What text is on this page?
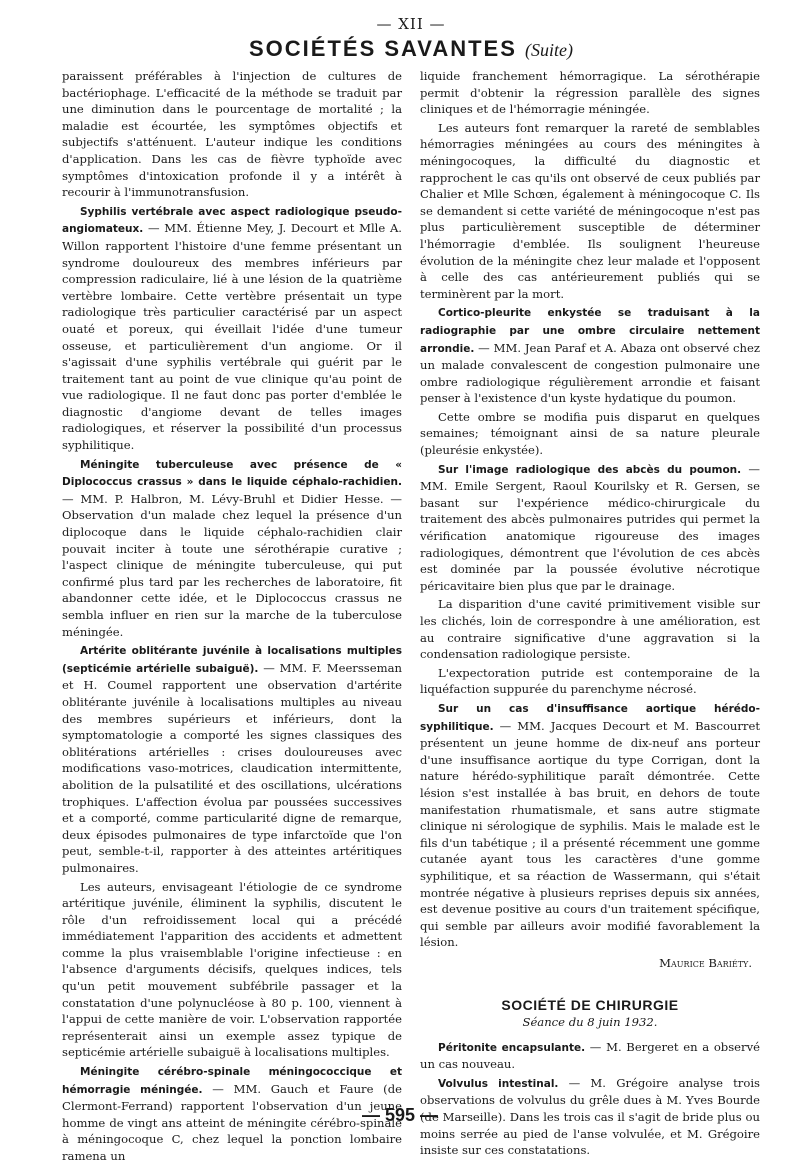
— XII —
SOCIÉTÉS SAVANTES (Suite)

paraissent préférables à l'injection de cultures de bactériophage. L'efficacité de la méthode se traduit par une diminution dans le pourcentage de mortalité ; la maladie est écourtée, les symptômes objectifs et subjectifs s'atténuent. L'auteur indique les conditions d'application. Dans les cas de fièvre typhoïde avec symptômes d'intoxication profonde il y a intérêt à recourir à l'immunotransfusion.

Syphilis vertébrale avec aspect radiologique pseudo-angiomateux. — MM. Étienne Mey, J. Decourt et Mlle A. Willon rapportent l'histoire d'une femme présentant un syndrome douloureux des membres inférieurs par compression radiculaire, lié à une lésion de la quatrième vertèbre lombaire. Cette vertèbre présentait un type radiologique très particulier caractérisé par un aspect ouaté et poreux, qui éveillait l'idée d'une tumeur osseuse, et particulièrement d'un angiome. Or il s'agissait d'une syphilis vertébrale qui guérit par le traitement tant au point de vue clinique qu'au point de vue radiologique. Il ne faut donc pas porter d'emblée le diagnostic d'angiome devant de telles images radiologiques, et réserver la possibilité d'un processus syphilitique.

Méningite tuberculeuse avec présence de « Diplococcus crassus » dans le liquide céphalo-rachidien. — MM. P. Halbron, M. Lévy-Bruhl et Didier Hesse. — Observation d'un malade chez lequel la présence d'un diplocoque dans le liquide céphalo-rachidien clair pouvait inciter à toute une sérothérapie curative ; l'aspect clinique de méningite tuberculeuse, qui put confirmé plus tard par les recherches de laboratoire, fit abandonner cette idée, et le Diplococcus crassus ne sembla influer en rien sur la marche de la tuberculose méningée.

Artérite oblitérante juvénile à localisations multiples (septicémie artérielle subaiguë). — MM. F. Meersseman et H. Coumel rapportent une observation d'artérite oblitérante juvénile à localisations multiples au niveau des membres supérieurs et inférieurs, dont la symptomatologie a comporté les signes classiques des oblitérations artérielles : crises douloureuses avec modifications vaso-motrices, claudication intermittente, abolition de la pulsatilité et des oscillations, ulcérations trophiques. L'affection évolua par poussées successives et a comporté, comme particularité digne de remarque, deux épisodes pulmonaires de type infarctoïde que l'on peut, semble-t-il, rapporter à des atteintes artéritiques pulmonaires.

Les auteurs, envisageant l'étiologie de ce syndrome artéritique juvénile, éliminent la syphilis, discutent le rôle d'un refroidissement local qui a précédé immédiatement l'apparition des accidents et admettent comme la plus vraisemblable l'origine infectieuse : en l'absence d'arguments décisifs, quelques indices, tels qu'un petit mouvement subfébrile passager et la constatation d'une polynucléose à 80 p. 100, viennent à l'appui de cette manière de voir. L'observation rapportée représenterait ainsi un exemple assez typique de septicémie artérielle subaiguë à localisations multiples.

Méningite cérébro-spinale méningococcique et hémorragie méningée. — MM. Gauch et Faure (de Clermont-Ferrand) rapportent l'observation d'un jeune homme de vingt ans atteint de méningite cérébro-spinale à méningocoque C, chez lequel la ponction lombaire ramena un

liquide franchement hémorragique. La sérothérapie permit d'obtenir la régression parallèle des signes cliniques et de l'hémorragie méningée.

Les auteurs font remarquer la rareté de semblables hémorragies méningées au cours des méningites à méningocoques, la difficulté du diagnostic et rapprochent le cas qu'ils ont observé de ceux publiés par Chalier et Mlle Schœn, également à méningocoque C. Ils se demandent si cette variété de méningocoque n'est pas plus particulièrement susceptible de déterminer l'hémorragie d'emblée. Ils soulignent l'heureuse évolution de la méningite chez leur malade et l'opposent à celle des cas antérieurement publiés qui se terminèrent par la mort.

Cortico-pleurite enkystée se traduisant à la radiographie par une ombre circulaire nettement arrondie. — MM. Jean Paraf et A. Abaza ont observé chez un malade convalescent de congestion pulmonaire une ombre radiologique régulièrement arrondie et faisant penser à l'existence d'un kyste hydatique du poumon.

Cette ombre se modifia puis disparut en quelques semaines; témoignant ainsi de sa nature pleurale (pleurésie enkystée).

Sur l'image radiologique des abcès du poumon. — MM. Emile Sergent, Raoul Kourilsky et R. Gersen, se basant sur l'expérience médico-chirurgicale du traitement des abcès pulmonaires putrides qui permet la vérification anatomique rigoureuse des images radiologiques, démontrent que l'évolution de ces abcès est dominée par la poussée évolutive nécrotique péricavitaire bien plus que par le drainage.

La disparition d'une cavité primitivement visible sur les clichés, loin de correspondre à une amélioration, est au contraire significative d'une aggravation si la condensation radiologique persiste.

L'expectoration putride est contemporaine de la liquéfaction suppurée du parenchyme nécrosé.

Sur un cas d'insuffisance aortique hérédo-syphilitique. — MM. Jacques Decourt et M. Bascourret présentent un jeune homme de dix-neuf ans porteur d'une insuffisance aortique du type Corrigan, dont la nature hérédo-syphilitique paraît démontrée. Cette lésion s'est installée à bas bruit, en dehors de toute manifestation rhumatismale, et sans autre stigmate clinique ni sérologique de syphilis. Mais le malade est le fils d'un tabétique ; il a présenté récemment une gomme cutanée ayant tous les caractères d'une gomme syphilitique, et sa réaction de Wassermann, qui s'était montrée négative à plusieurs reprises depuis six années, est devenue positive au cours d'un traitement spécifique, qui semble par ailleurs avoir modifié favorablement la lésion.

Maurice Bariéty.
SOCIÉTÉ DE CHIRURGIE
Séance du 8 juin 1932.

Péritonite encapsulante. — M. Bergeret en a observé un cas nouveau.

Volvulus intestinal. — M. Grégoire analyse trois observations de volvulus du grêle dues à M. Yves Bourde (de Marseille). Dans les trois cas il s'agit de bride plus ou moins serrée au pied de l'anse volvulée, et M. Grégoire insiste sur ces constatations.

— 595 —
